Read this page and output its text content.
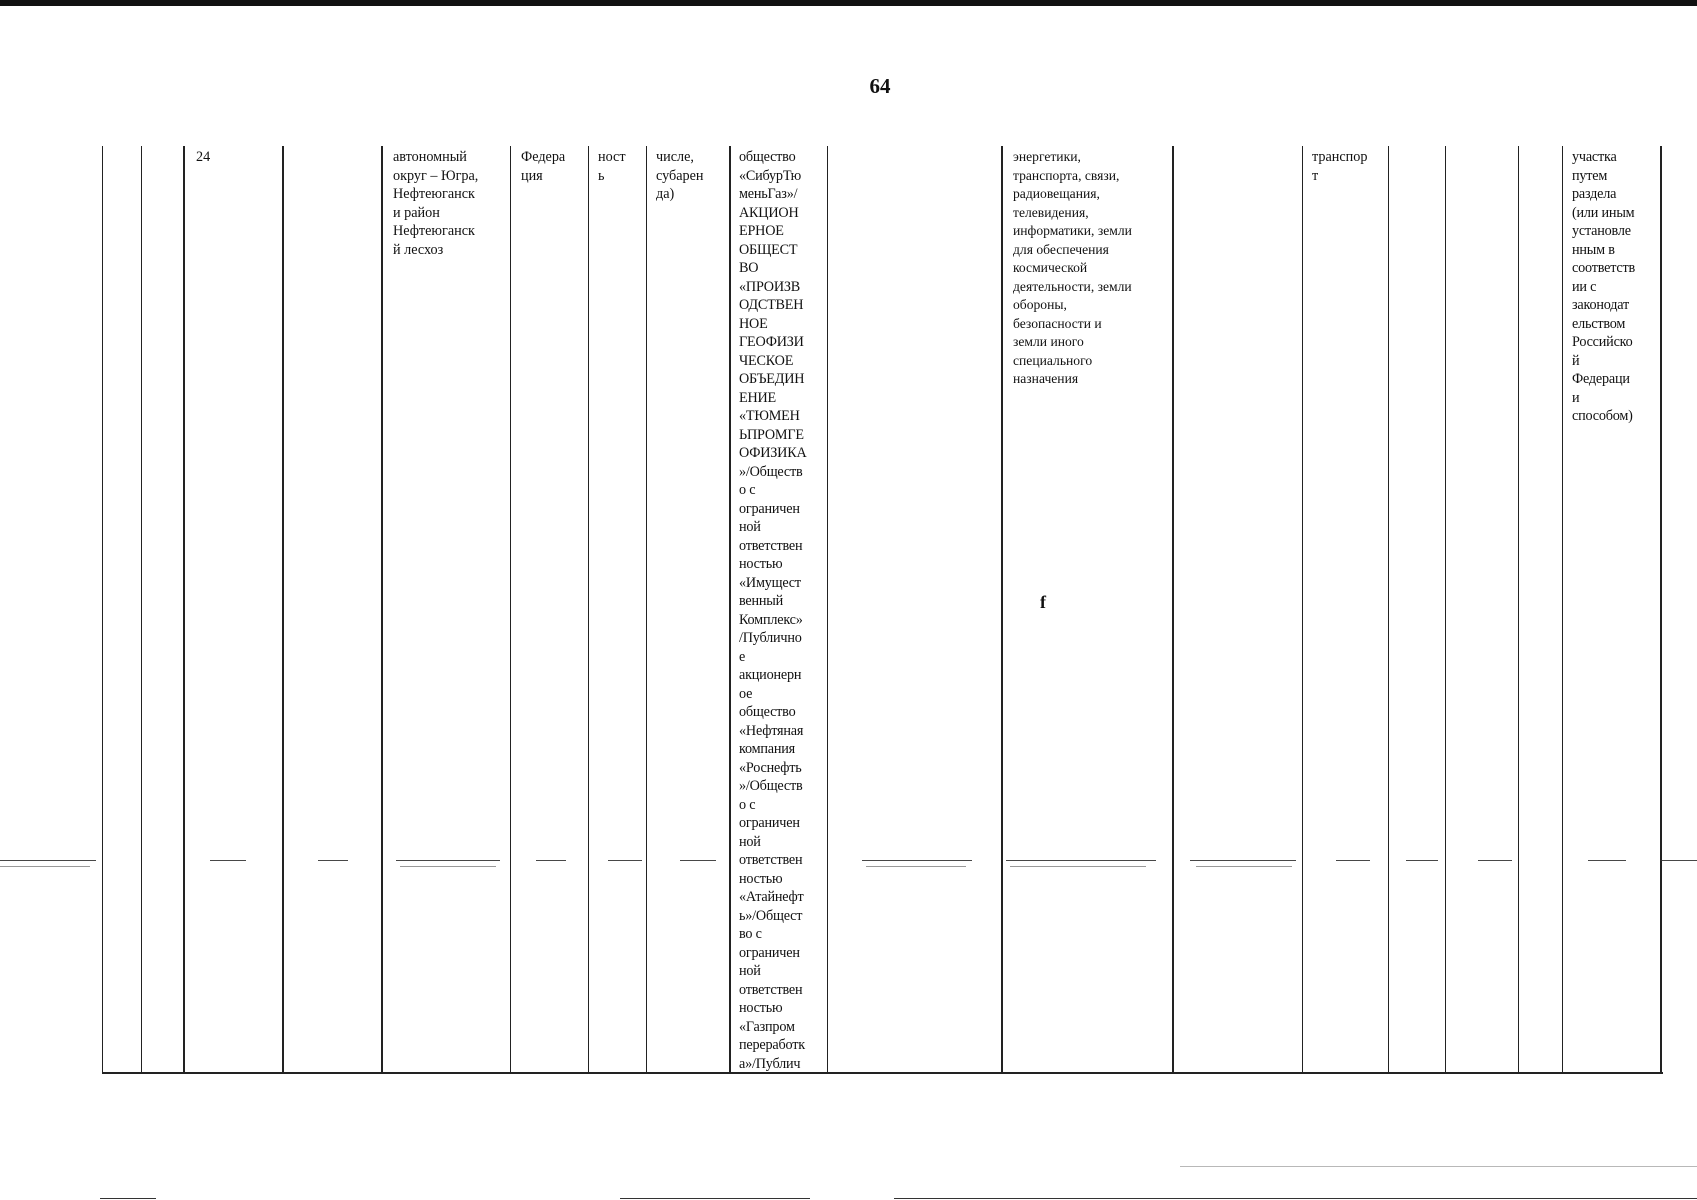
64
24	автономный
округ – Югра,
Нефтеюганск
и район
Нефтеюганск
й лесхоз
Федера
ция
ност
ь
числе,
субарен
да)
общество
«СибурТю
меньГаз»/
АКЦИОН
ЕРНОЕ
ОБЩЕСТ
ВО
«ПРОИЗВ
ОДСТВЕН
НОЕ
ГЕОФИЗИ
ЧЕСКОЕ
ОБЪЕДИН
ЕНИЕ
«ТЮМЕН
ЬПРОМГЕ
ОФИЗИКА
»/Обществ
о с
ограничен
ной
ответствен
ностью
«Имущест
венный
Комплекс»
/Публично
е
акционерн
ое
общество
«Нефтяная
компания
«Роснефть
»/Обществ
о с
ограничен
ной
ответствен
ностью
«Атайнефт
ь»/Общест
во с
ограничен
ной
ответствен
ностью
«Газпром
переработк
а»/Публич
энергетики,
транспорта, связи,
радиовещания,
телевидения,
информатики, земли
для обеспечения
космической
деятельности, земли
обороны,
безопасности и
земли иного
специального
назначения
транспор
т
участка
путем
раздела
(или иным
установле
нным в
соответств
ии с
законодат
ельством
Российско
й
Федераци
и
способом)
f
